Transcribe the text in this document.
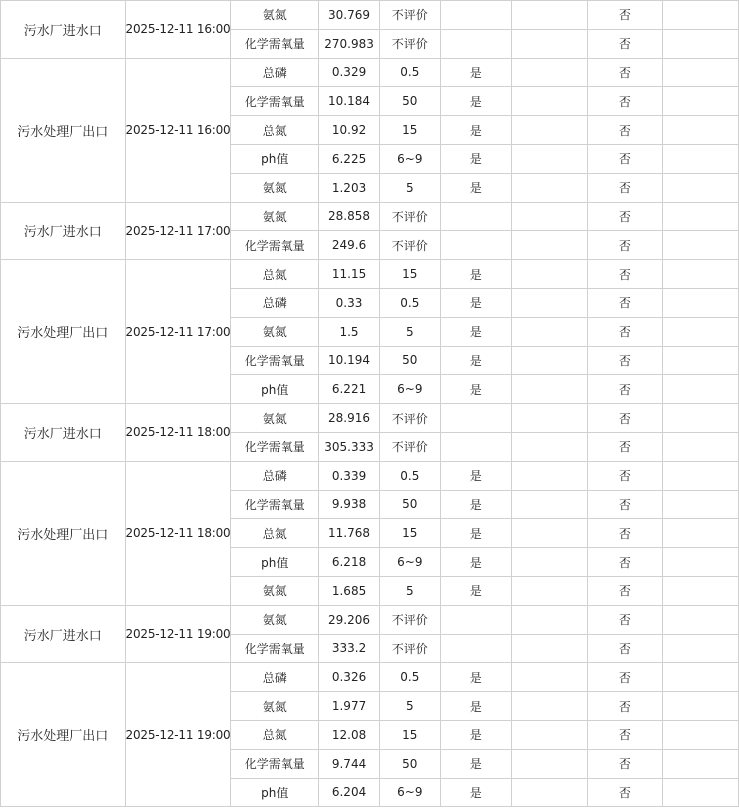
污水厂进水口	2025-12-11 16:00	氨氮	30.769	不评价			否	
		化学需氧量	270.983	不评价			否	
污水处理厂出口	2025-12-11 16:00	总磷	0.329	0.5	是		否	
		化学需氧量	10.184	50	是		否	
		总氮	10.92	15	是		否	
		ph值	6.225	6~9	是		否	
		氨氮	1.203	5	是		否	
污水厂进水口	2025-12-11 17:00	氨氮	28.858	不评价			否	
		化学需氧量	249.6	不评价			否	
污水处理厂出口	2025-12-11 17:00	总氮	11.15	15	是		否	
		总磷	0.33	0.5	是		否	
		氨氮	1.5	5	是		否	
		化学需氧量	10.194	50	是		否	
		ph值	6.221	6~9	是		否	
污水厂进水口	2025-12-11 18:00	氨氮	28.916	不评价			否	
		化学需氧量	305.333	不评价			否	
污水处理厂出口	2025-12-11 18:00	总磷	0.339	0.5	是		否	
		化学需氧量	9.938	50	是		否	
		总氮	11.768	15	是		否	
		ph值	6.218	6~9	是		否	
		氨氮	1.685	5	是		否	
污水厂进水口	2025-12-11 19:00	氨氮	29.206	不评价			否	
		化学需氧量	333.2	不评价			否	
污水处理厂出口	2025-12-11 19:00	总磷	0.326	0.5	是		否	
		氨氮	1.977	5	是		否	
		总氮	12.08	15	是		否	
		化学需氧量	9.744	50	是		否	
		ph值	6.204	6~9	是		否	
